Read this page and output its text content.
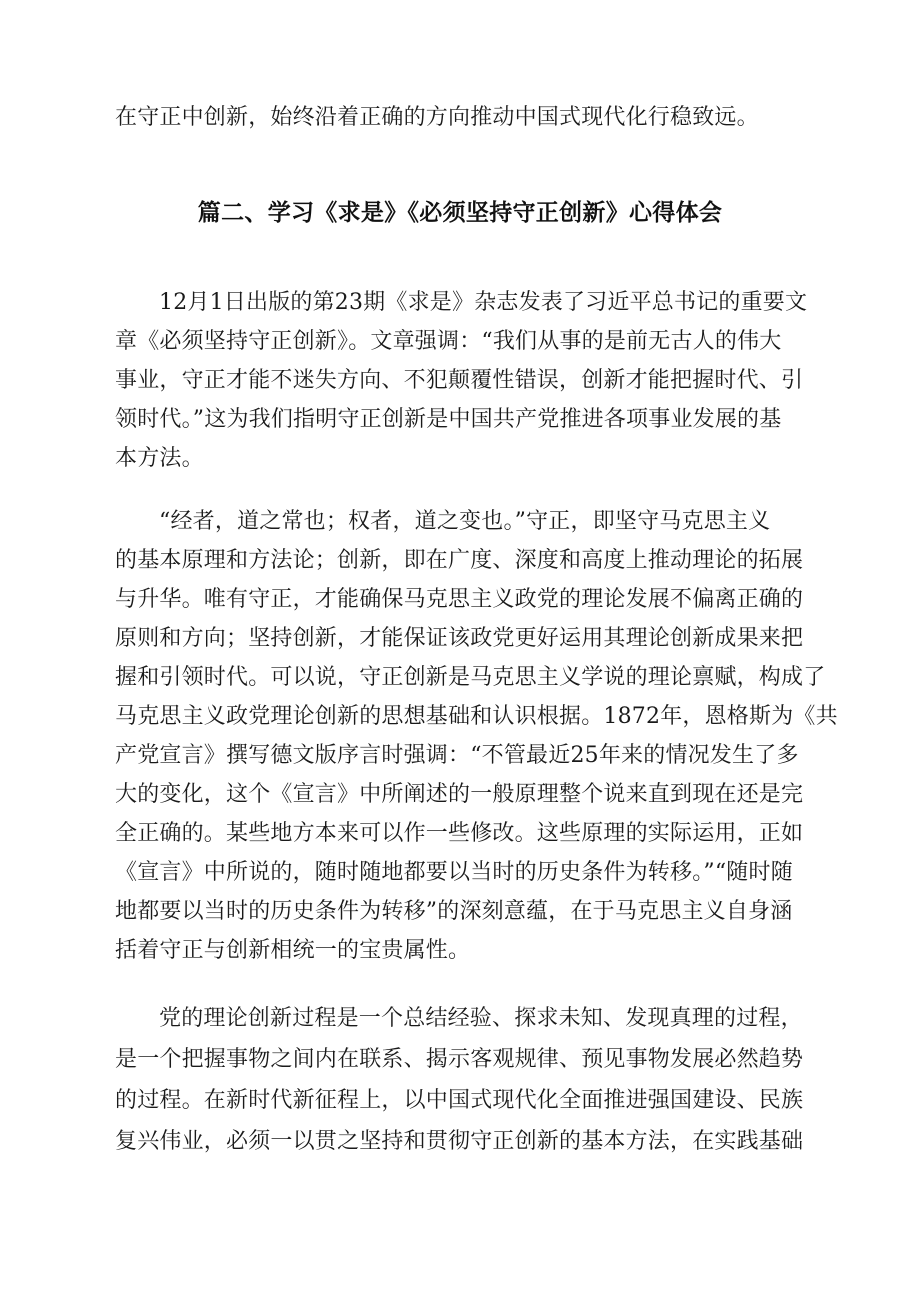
在守正中创新，始终沿着正确的方向推动中国式现代化行稳致远。
篇二、学习《求是》《必须坚持守正创新》心得体会
12月1日出版的第23期《求是》杂志发表了习近平总书记的重要文
章《必须坚持守正创新》。文章强调：“我们从事的是前无古人的伟大
事业，守正才能不迷失方向、不犯颠覆性错误，创新才能把握时代、引
领时代。”这为我们指明守正创新是中国共产党推进各项事业发展的基
本方法。
“经者，道之常也；权者，道之变也。”守正，即坚守马克思主义
的基本原理和方法论；创新，即在广度、深度和高度上推动理论的拓展
与升华。唯有守正，才能确保马克思主义政党的理论发展不偏离正确的
原则和方向；坚持创新，才能保证该政党更好运用其理论创新成果来把
握和引领时代。可以说，守正创新是马克思主义学说的理论禀赋，构成了
马克思主义政党理论创新的思想基础和认识根据。1872年，恩格斯为《共
产党宣言》撰写德文版序言时强调：“不管最近25年来的情况发生了多
大的变化，这个《宣言》中所阐述的一般原理整个说来直到现在还是完
全正确的。某些地方本来可以作一些修改。这些原理的实际运用，正如
《宣言》中所说的，随时随地都要以当时的历史条件为转移。”“随时随
地都要以当时的历史条件为转移”的深刻意蕴，在于马克思主义自身涵
括着守正与创新相统一的宝贵属性。
党的理论创新过程是一个总结经验、探求未知、发现真理的过程，
是一个把握事物之间内在联系、揭示客观规律、预见事物发展必然趋势
的过程。在新时代新征程上，以中国式现代化全面推进强国建设、民族
复兴伟业，必须一以贯之坚持和贯彻守正创新的基本方法，在实践基础
